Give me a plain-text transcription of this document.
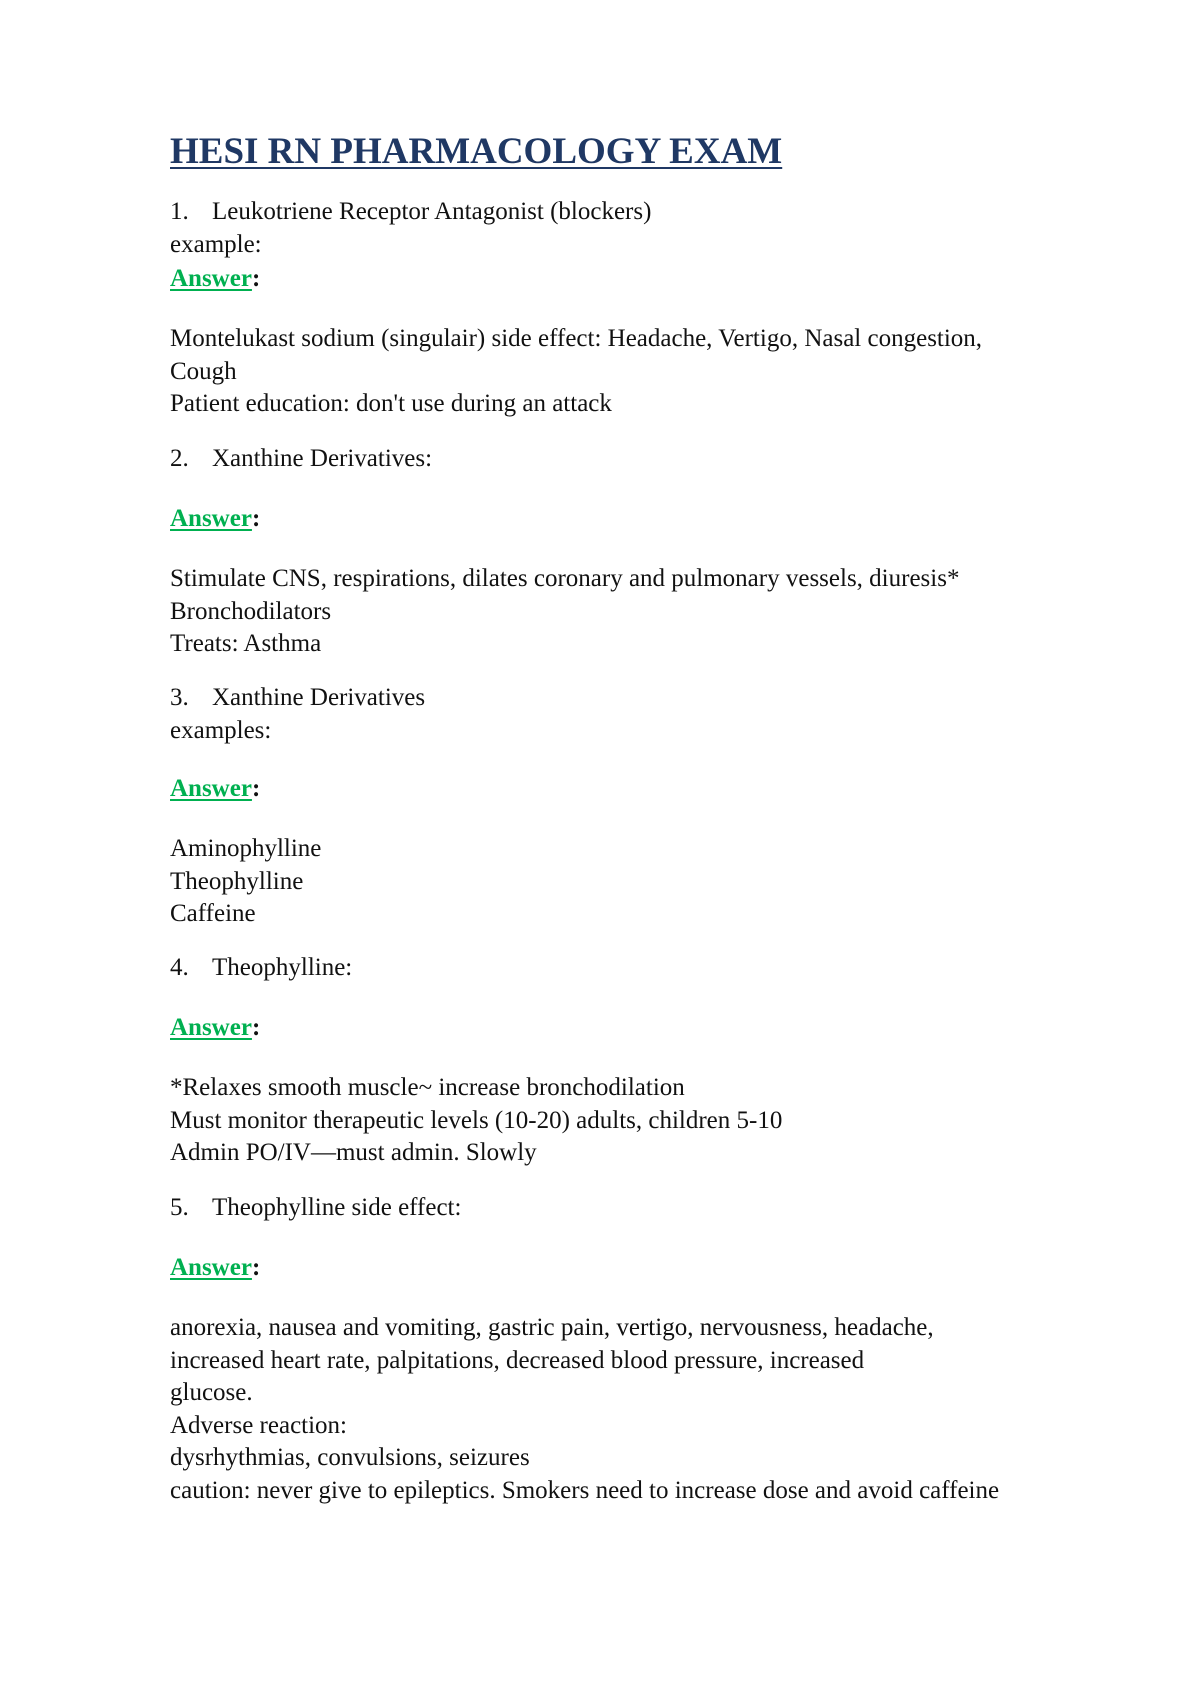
HESI RN PHARMACOLOGY EXAM
1. Leukotriene Receptor Antagonist (blockers)
example:
Answer:
Montelukast sodium (singulair) side effect: Headache, Vertigo, Nasal congestion,
Cough
Patient education: don't use during an attack
2. Xanthine Derivatives:
Answer:
Stimulate CNS, respirations, dilates coronary and pulmonary vessels, diuresis*
Bronchodilators
Treats: Asthma
3. Xanthine Derivatives
examples:
Answer:
Aminophylline
Theophylline
Caffeine
4. Theophylline:
Answer:
*Relaxes smooth muscle~ increase bronchodilation
Must monitor therapeutic levels (10-20) adults, children 5-10
Admin PO/IV—must admin. Slowly
5. Theophylline side effect:
Answer:
anorexia, nausea and vomiting, gastric pain, vertigo, nervousness, headache,
increased heart rate, palpitations, decreased blood pressure, increased
glucose.
Adverse reaction:
dysrhythmias, convulsions, seizures
caution: never give to epileptics. Smokers need to increase dose and avoid caffeine
